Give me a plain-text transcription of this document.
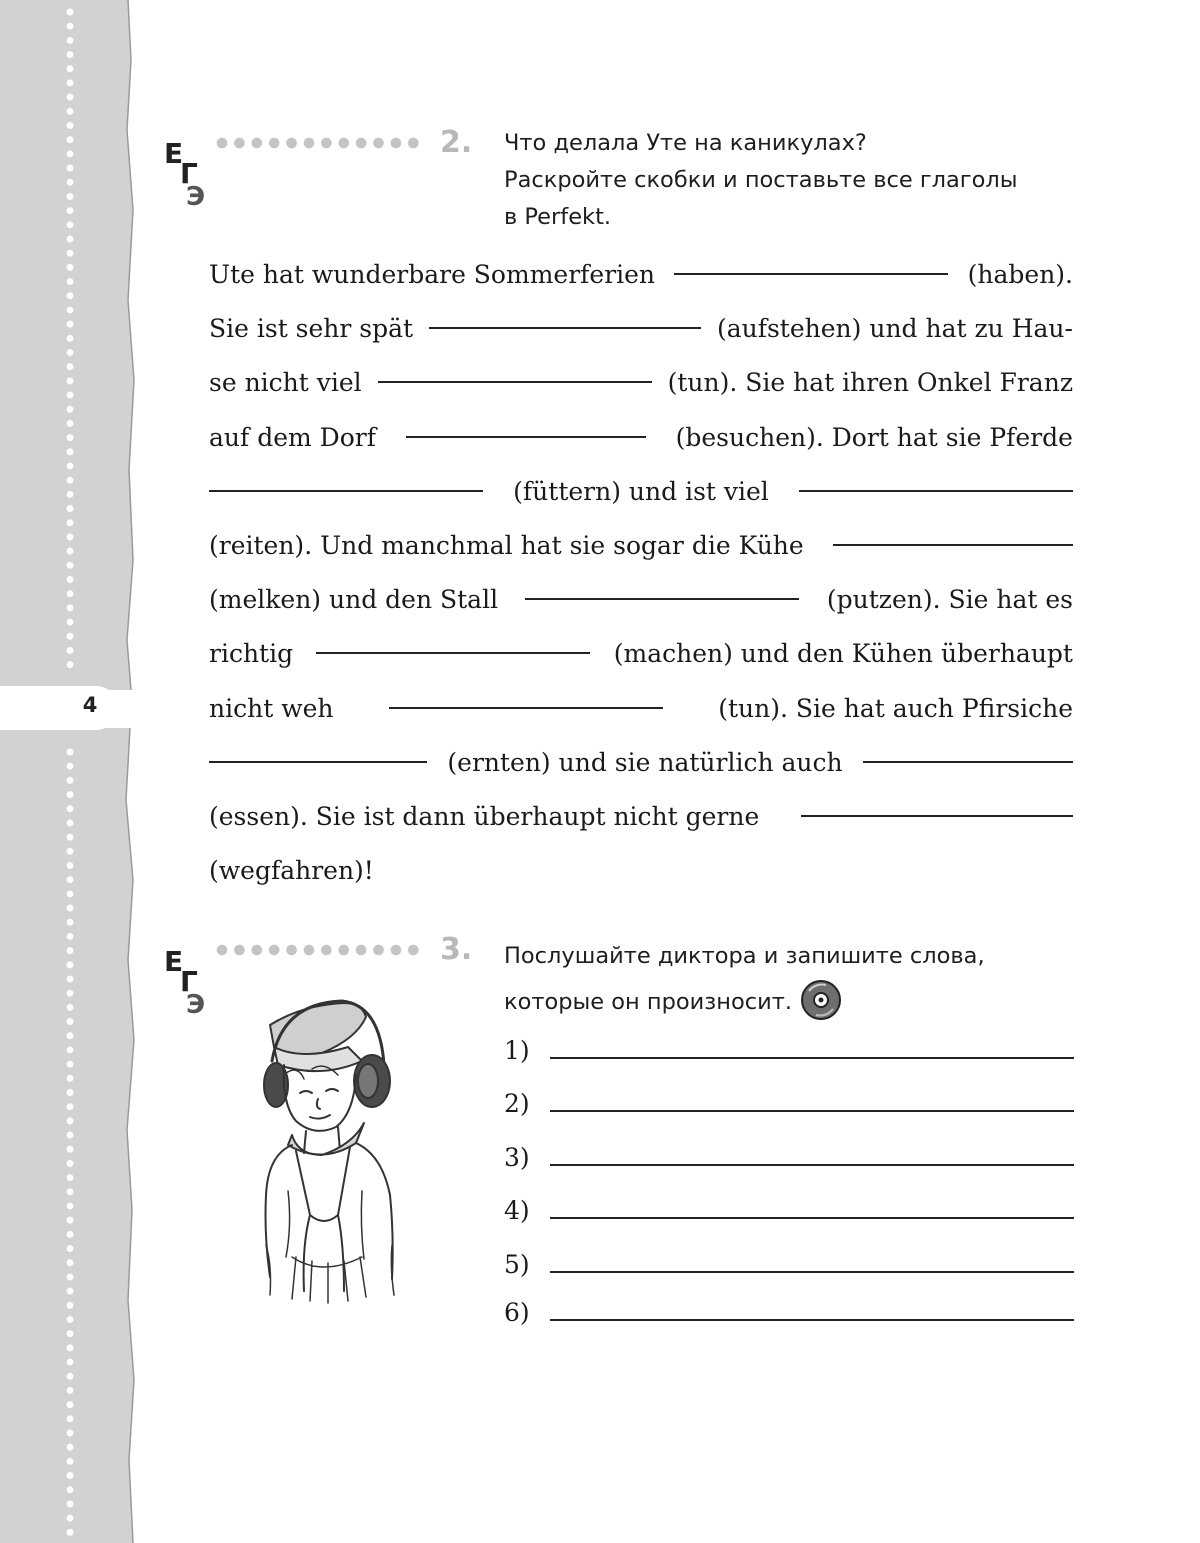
4
Е
Г
Э
2. Что делала Уте на каникулах?
Раскройте скобки и поставьте все глаголы
в Perfekt.
Ute hat wunderbare Sommerferien	(haben).
Sie ist sehr spät	(aufstehen) und hat zu Hau-
se nicht viel	(tun). Sie hat ihren Onkel Franz
auf dem Dorf	(besuchen). Dort hat sie Pferde
(füttern) und ist viel
(reiten). Und manchmal hat sie sogar die Kühe
(melken) und den Stall	(putzen). Sie hat es
richtig	(machen) und den Kühen überhaupt
nicht weh	(tun). Sie hat auch Pfirsiche
(ernten) und sie natürlich auch
(essen). Sie ist dann überhaupt nicht gerne
(wegfahren)!
Е
Г
Э
3. Послушайте диктора и запишите слова,
которые он произносит.
1)
2)
3)
4)
5)
6)
